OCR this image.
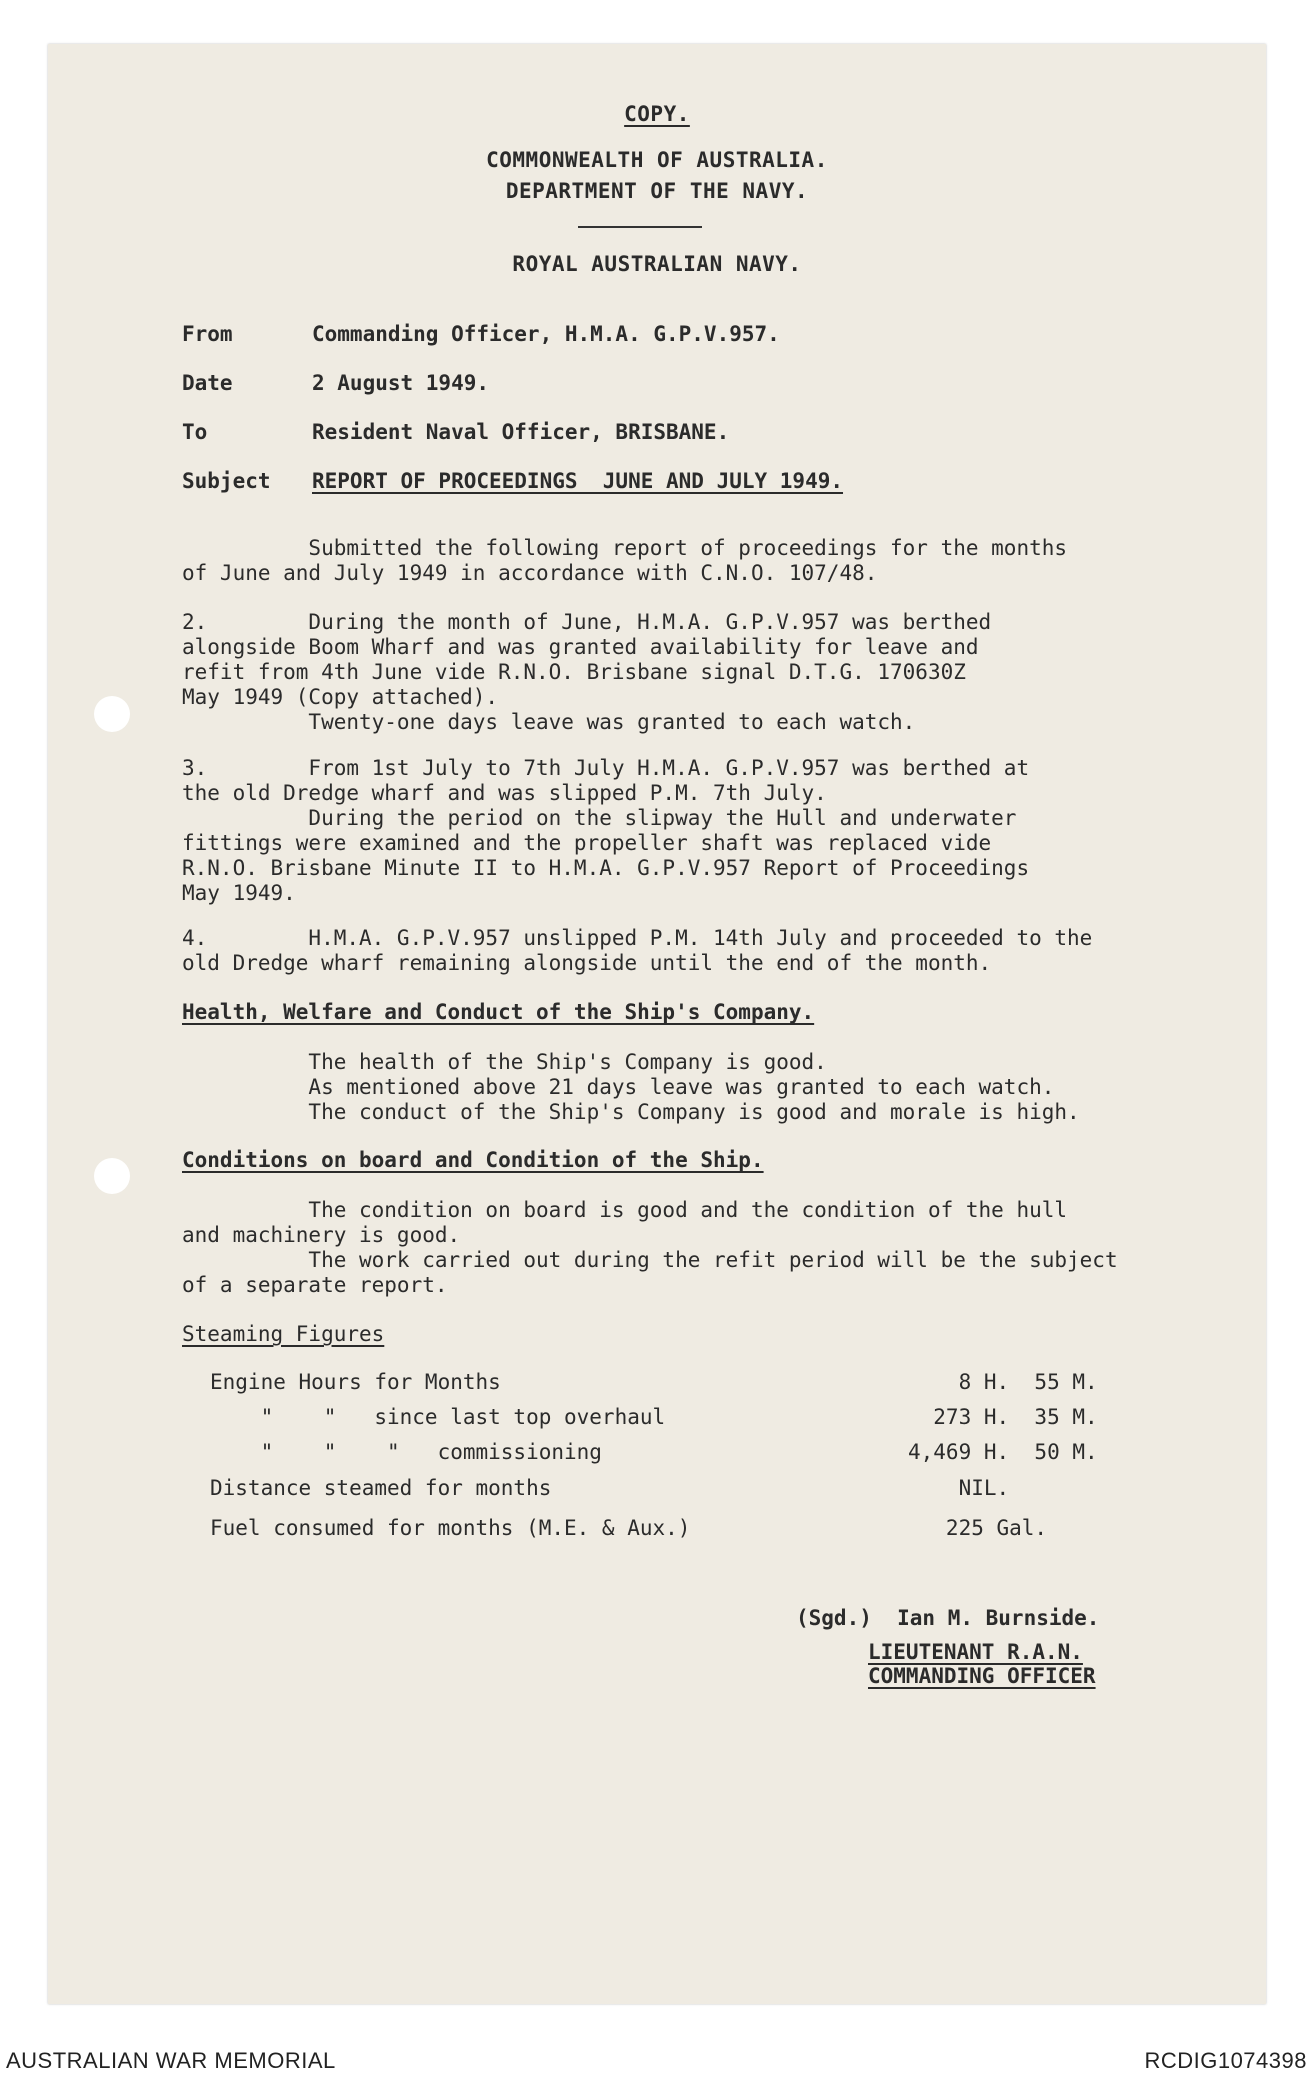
COPY.
COMMONWEALTH OF AUSTRALIA.
DEPARTMENT OF THE NAVY.
ROYAL AUSTRALIAN NAVY.
From	Commanding Officer, H.M.A. G.P.V.957.
Date	2 August 1949.
To	Resident Naval Officer, BRISBANE.
Subject REPORT OF PROCEEDINGS  JUNE AND JULY 1949.
Submitted the following report of proceedings for the months
of June and July 1949 in accordance with C.N.O. 107/48.
2.        During the month of June, H.M.A. G.P.V.957 was berthed
alongside Boom Wharf and was granted availability for leave and
refit from 4th June vide R.N.O. Brisbane signal D.T.G. 170630Z
May 1949 (Copy attached).
Twenty-one days leave was granted to each watch.
3.        From 1st July to 7th July H.M.A. G.P.V.957 was berthed at
the old Dredge wharf and was slipped P.M. 7th July.
During the period on the slipway the Hull and underwater
fittings were examined and the propeller shaft was replaced vide
R.N.O. Brisbane Minute II to H.M.A. G.P.V.957 Report of Proceedings
May 1949.
4.        H.M.A. G.P.V.957 unslipped P.M. 14th July and proceeded to the
old Dredge wharf remaining alongside until the end of the month.
Health, Welfare and Conduct of the Ship's Company.
The health of the Ship's Company is good.
As mentioned above 21 days leave was granted to each watch.
The conduct of the Ship's Company is good and morale is high.
Conditions on board and Condition of the Ship.
The condition on board is good and the condition of the hull
and machinery is good.
The work carried out during the refit period will be the subject
of a separate report.
Steaming Figures
Engine Hours for Months	8 H.  55 M.
"    "   since last top overhaul	273 H.  35 M.
"    "    "   commissioning	4,469 H.  50 M.
Distance steamed for months	NIL.
Fuel consumed for months (M.E. & Aux.)	225 Gal.
(Sgd.)  Ian M. Burnside.
LIEUTENANT R.A.N.
COMMANDING OFFICER
AUSTRALIAN WAR MEMORIAL	RCDIG1074398
